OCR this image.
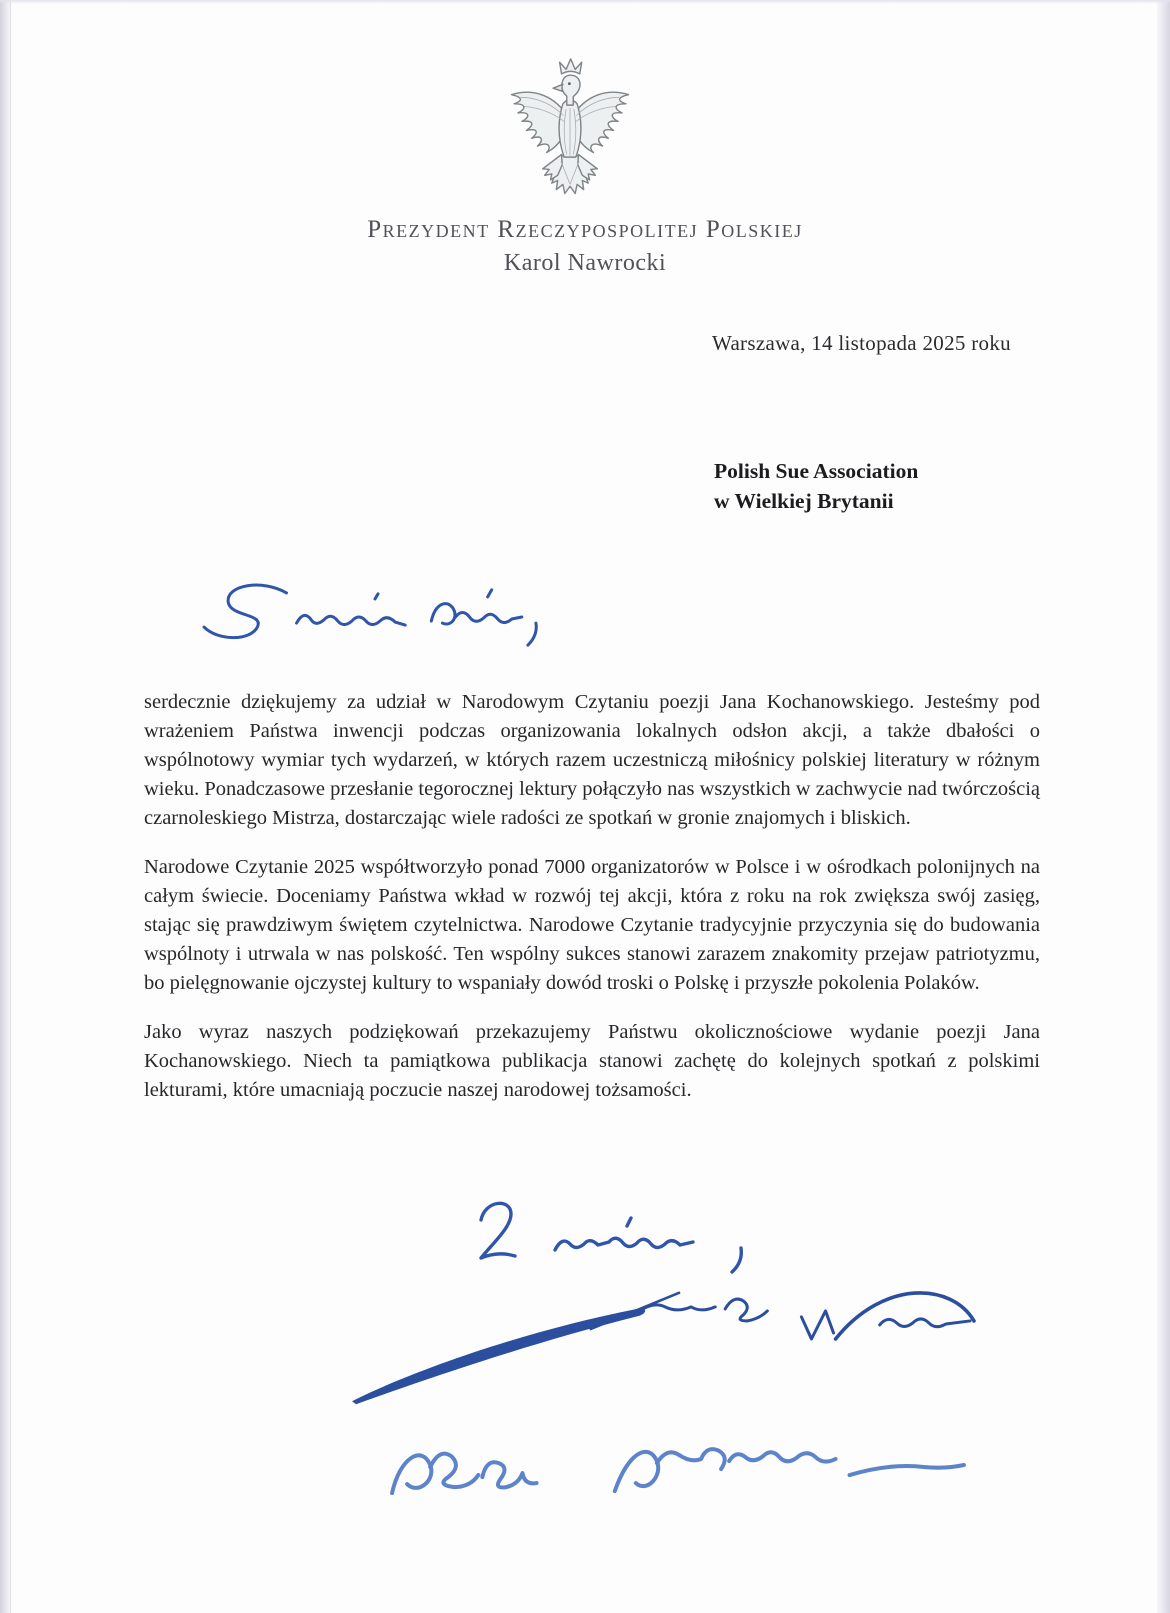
Prezydent Rzeczypospolitej Polskiej
Karol Nawrocki
Warszawa, 14 listopada 2025 roku
Polish Sue Association
w Wielkiej Brytanii

serdecznie dziękujemy za udział w Narodowym Czytaniu poezji Jana Kochanowskiego. Jesteśmy pod wrażeniem Państwa inwencji podczas organizowania lokalnych odsłon akcji, a także dbałości o wspólnotowy wymiar tych wydarzeń, w których razem uczestniczą miłośnicy polskiej literatury w różnym wieku. Ponadczasowe przesłanie tegorocznej lektury połączyło nas wszystkich w zachwycie nad twórczością czarnoleskiego Mistrza, dostarczając wiele radości ze spotkań w gronie znajomych i bliskich.

Narodowe Czytanie 2025 współtworzyło ponad 7000 organizatorów w Polsce i w ośrodkach polonijnych na całym świecie. Doceniamy Państwa wkład w rozwój tej akcji, która z roku na rok zwiększa swój zasięg, stając się prawdziwym świętem czytelnictwa. Narodowe Czytanie tradycyjnie przyczynia się do budowania wspólnoty i utrwala w nas polskość. Ten wspólny sukces stanowi zarazem znakomity przejaw patriotyzmu, bo pielęgnowanie ojczystej kultury to wspaniały dowód troski o Polskę i przyszłe pokolenia Polaków.

Jako wyraz naszych podziękowań przekazujemy Państwu okolicznościowe wydanie poezji Jana Kochanowskiego. Niech ta pamiątkowa publikacja stanowi zachętę do kolejnych spotkań z polskimi lekturami, które umacniają poczucie naszej narodowej tożsamości.
